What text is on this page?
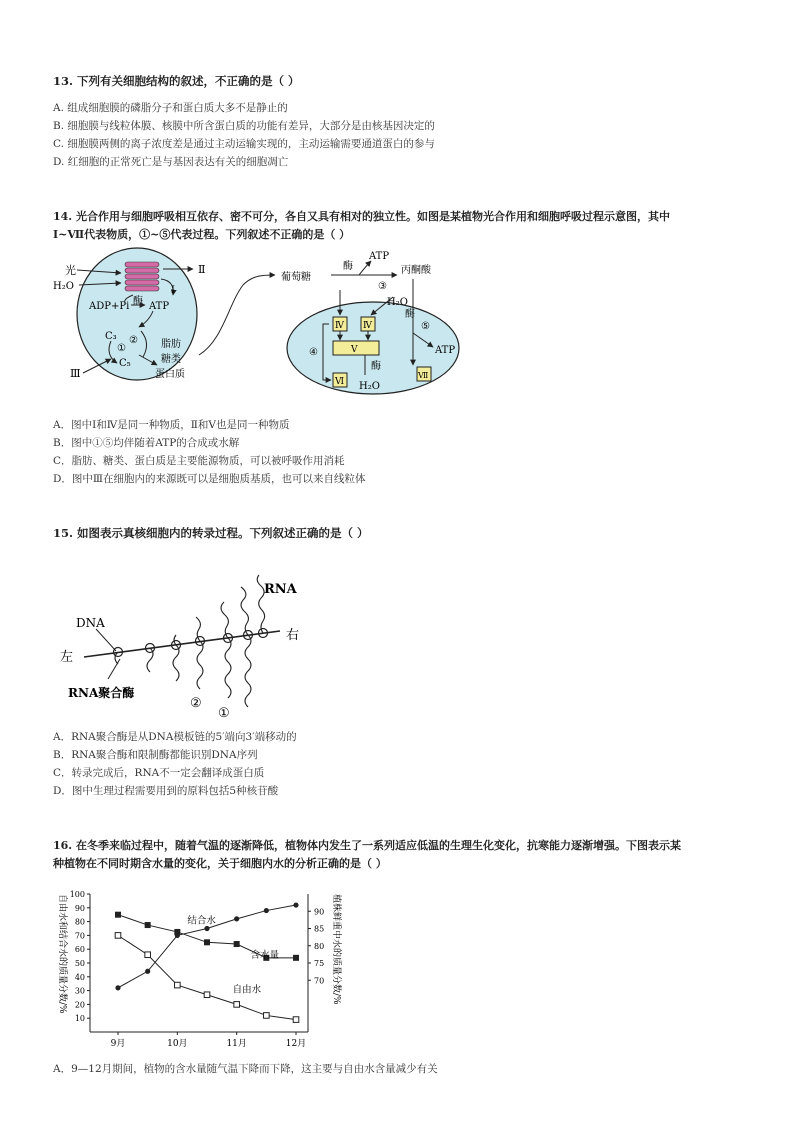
13. 下列有关细胞结构的叙述，不正确的是（ ）
A. 组成细胞膜的磷脂分子和蛋白质大多不是静止的
B. 细胞膜与线粒体膜、核膜中所含蛋白质的功能有差异，大部分是由核基因决定的
C. 细胞膜两侧的离子浓度差是通过主动运输实现的，主动运输需要通道蛋白的参与
D. 红细胞的正常死亡是与基因表达有关的细胞凋亡
14. 光合作用与细胞呼吸相互依存、密不可分，各自又具有相对的独立性。如图是某植物光合作用和细胞呼吸过程示意图，其中
Ⅰ~Ⅶ代表物质，①~⑤代表过程。下列叙述不正确的是（ ）
光
H₂O
Ⅱ
Ⅰ
酶
ADP+Pi ATP
C₃
①
②
C₅
Ⅲ
脂肪
糖类
蛋白质
葡萄糖
酶
ATP
丙酮酸
③
H₂O
酶
⑤
ATP
Ⅳ Ⅳ
Ⅴ
Ⅵ
Ⅶ
④
酶
H₂O
A．图中Ⅰ和Ⅳ是同一种物质，Ⅱ和Ⅴ也是同一种物质
B．图中①⑤均伴随着ATP的合成或水解
C．脂肪、糖类、蛋白质是主要能源物质，可以被呼吸作用消耗
D．图中Ⅲ在细胞内的来源既可以是细胞质基质，也可以来自线粒体
15. 如图表示真核细胞内的转录过程。下列叙述正确的是（ ）
RNA
DNA
左
右
RNA聚合酶
②
①
A．RNA聚合酶是从DNA模板链的5′端向3′端移动的
B．RNA聚合酶和限制酶都能识别DNA序列
C．转录完成后，RNA不一定会翻译成蛋白质
D．图中生理过程需要用到的原料包括5种核苷酸
16. 在冬季来临过程中，随着气温的逐渐降低，植物体内发生了一系列适应低温的生理生化变化，抗寒能力逐渐增强。下图表示某
种植物在不同时期含水量的变化，关于细胞内水的分析正确的是（ ）
10
20
30
40
50
60
70
80
90
100
70
75
80
85
90
9月	10月	11月	12月
自由水和结合水的质量分数/%	植株鲜重中水的质量分数/%
结合水
自由水
含水量
A．9—12月期间，植物的含水量随气温下降而下降，这主要与自由水含量减少有关
